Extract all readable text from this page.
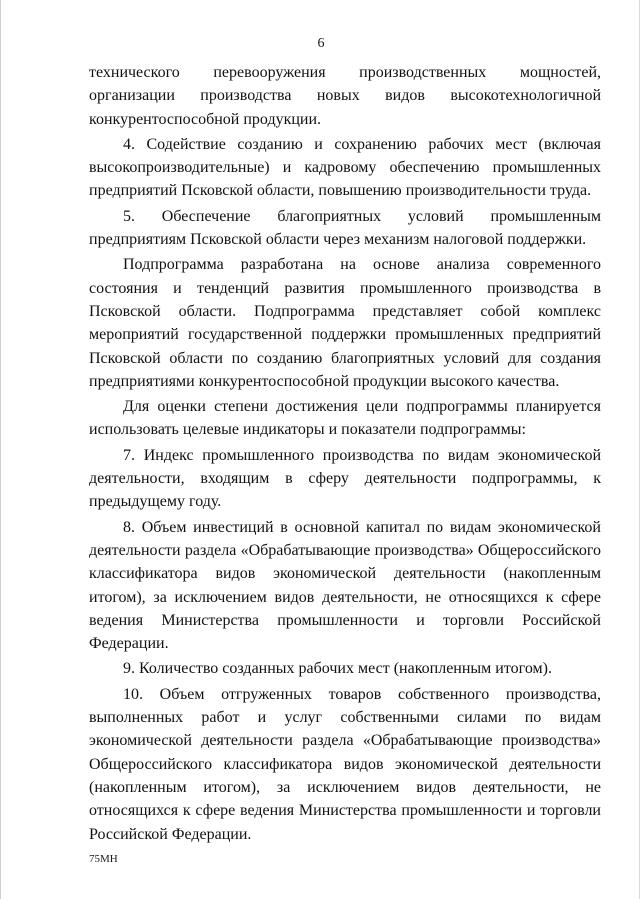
6

технического перевооружения производственных мощностей, организации производства новых видов высокотехнологичной конкурентоспособной продукции.

4. Содействие созданию и сохранению рабочих мест (включая высокопроизводительные) и кадровому обеспечению промышленных предприятий Псковской области, повышению производительности труда.

5. Обеспечение благоприятных условий промышленным предприятиям Псковской области через механизм налоговой поддержки.

Подпрограмма разработана на основе анализа современного состояния и тенденций развития промышленного производства в Псковской области. Подпрограмма представляет собой комплекс мероприятий государственной поддержки промышленных предприятий Псковской области по созданию благоприятных условий для создания предприятиями конкурентоспособной продукции высокого качества.

Для оценки степени достижения цели подпрограммы планируется использовать целевые индикаторы и показатели подпрограммы:

7. Индекс промышленного производства по видам экономической деятельности, входящим в сферу деятельности подпрограммы, к предыдущему году.

8. Объем инвестиций в основной капитал по видам экономической деятельности раздела «Обрабатывающие производства» Общероссийского классификатора видов экономической деятельности (накопленным итогом), за исключением видов деятельности, не относящихся к сфере ведения Министерства промышленности и торговли Российской Федерации.

9. Количество созданных рабочих мест (накопленным итогом).

10. Объем отгруженных товаров собственного производства, выполненных работ и услуг собственными силами по видам экономической деятельности раздела «Обрабатывающие производства» Общероссийского классификатора видов экономической деятельности (накопленным итогом), за исключением видов деятельности, не относящихся к сфере ведения Министерства промышленности и торговли Российской Федерации.

75МН
